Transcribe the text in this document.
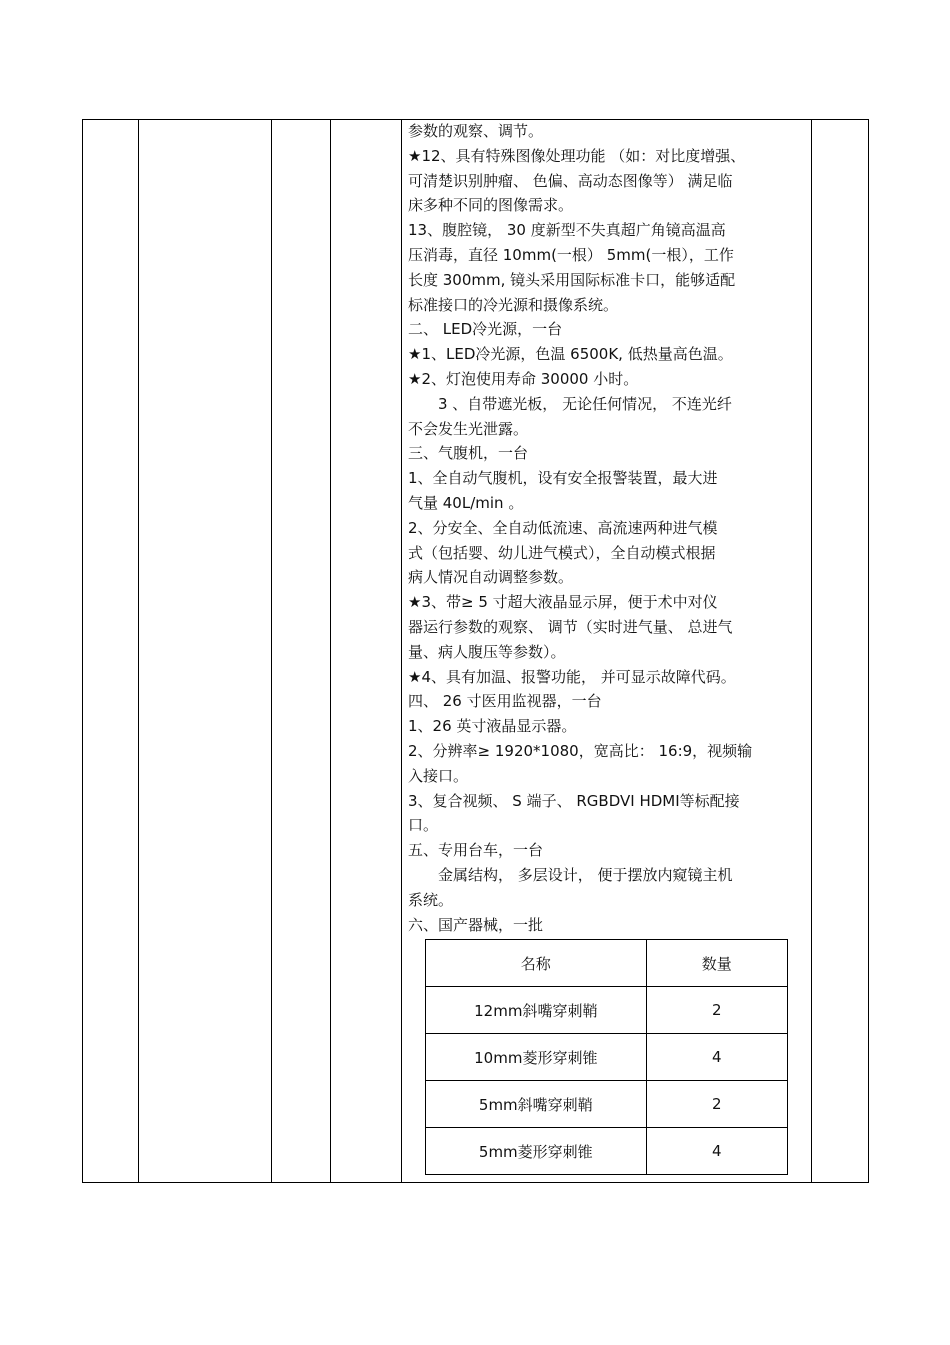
参数的观察、调节。
★12、具有特殊图像处理功能 （如：对比度增强、
可清楚识别肿瘤、 色偏、高动态图像等） 满足临
床多种不同的图像需求。
13、腹腔镜， 30 度新型不失真超广角镜高温高
压消毒，直径 10mm(一根） 5mm(一根），工作
长度 300mm, 镜头采用国际标准卡口，能够适配
标准接口的冷光源和摄像系统。
二、 LED冷光源，一台
★1、LED冷光源，色温 6500K, 低热量高色温。
★2、灯泡使用寿命 30000 小时。
　　3 、自带遮光板， 无论任何情况， 不连光纤
不会发生光泄露。
三、气腹机，一台
1、全自动气腹机，设有安全报警装置，最大进
气量 40L/min 。
2、分安全、全自动低流速、高流速两种进气模
式（包括婴、幼儿进气模式），全自动模式根据
病人情况自动调整参数。
★3、带≥ 5 寸超大液晶显示屏，便于术中对仪
器运行参数的观察、 调节（实时进气量、 总进气
量、病人腹压等参数）。
★4、具有加温、报警功能， 并可显示故障代码。
四、 26 寸医用监视器，一台
1、26 英寸液晶显示器。
2、分辨率≥ 1920*1080，宽高比： 16:9，视频输
入接口。
3、复合视频、 S 端子、 RGBDVI HDMI等标配接
口。
五、专用台车，一台
　　金属结构， 多层设计， 便于摆放内窥镜主机
系统。
六、国产器械，一批
名称	数量
12mm斜嘴穿刺鞘	2
10mm菱形穿刺锥	4
5mm斜嘴穿刺鞘	2
5mm菱形穿刺锥	4
